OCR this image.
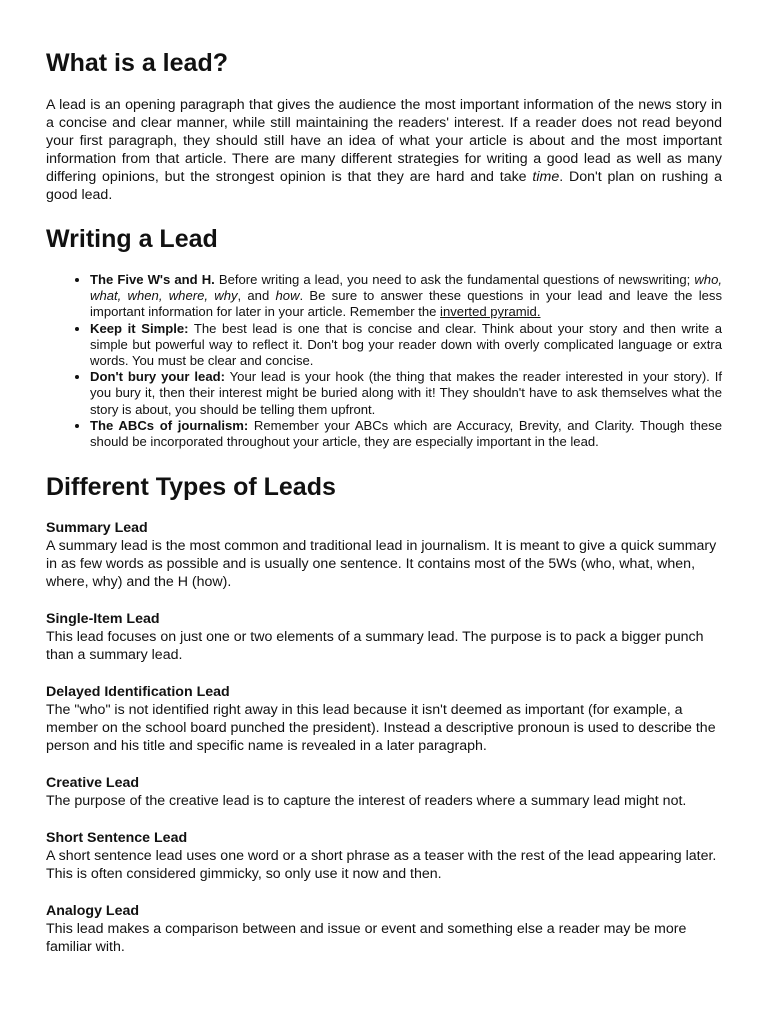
What is a lead?

A lead is an opening paragraph that gives the audience the most important information of the news story in a concise and clear manner, while still maintaining the readers' interest. If a reader does not read beyond your first paragraph, they should still have an idea of what your article is about and the most important information from that article. There are many different strategies for writing a good lead as well as many differing opinions, but the strongest opinion is that they are hard and take time. Don't plan on rushing a good lead.

Writing a Lead
• The Five W's and H. Before writing a lead, you need to ask the fundamental questions of newswriting; who, what, when, where, why, and how. Be sure to answer these questions in your lead and leave the less important information for later in your article. Remember the inverted pyramid.
• Keep it Simple: The best lead is one that is concise and clear. Think about your story and then write a simple but powerful way to reflect it. Don't bog your reader down with overly complicated language or extra words. You must be clear and concise.
• Don't bury your lead: Your lead is your hook (the thing that makes the reader interested in your story). If you bury it, then their interest might be buried along with it! They shouldn't have to ask themselves what the story is about, you should be telling them upfront.
• The ABCs of journalism: Remember your ABCs which are Accuracy, Brevity, and Clarity. Though these should be incorporated throughout your article, they are especially important in the lead.
Different Types of Leads

Summary Lead

A summary lead is the most common and traditional lead in journalism. It is meant to give a quick summary in as few words as possible and is usually one sentence. It contains most of the 5Ws (who, what, when, where, why) and the H (how).

Single-Item Lead

This lead focuses on just one or two elements of a summary lead. The purpose is to pack a bigger punch than a summary lead.

Delayed Identification Lead

The "who" is not identified right away in this lead because it isn't deemed as important (for example, a member on the school board punched the president). Instead a descriptive pronoun is used to describe the person and his title and specific name is revealed in a later paragraph.

Creative Lead

The purpose of the creative lead is to capture the interest of readers where a summary lead might not.

Short Sentence Lead

A short sentence lead uses one word or a short phrase as a teaser with the rest of the lead appearing later. This is often considered gimmicky, so only use it now and then.

Analogy Lead

This lead makes a comparison between and issue or event and something else a reader may be more familiar with.
